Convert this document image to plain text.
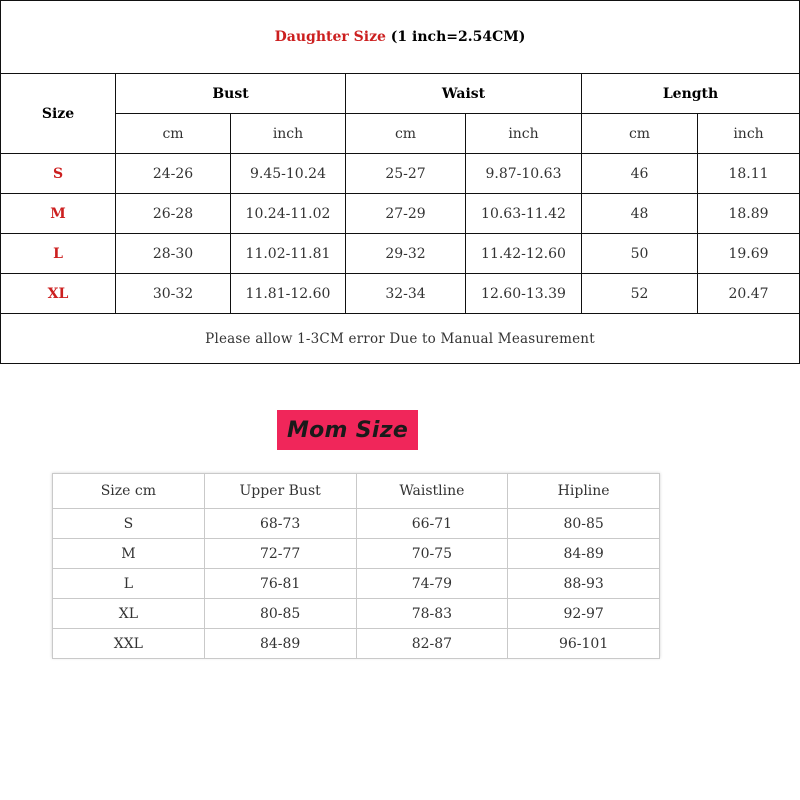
Daughter Size (1 inch=2.54CM)						
Size	Bust		Waist		Length	
	cm	inch	cm	inch	cm	inch
S	24-26	9.45-10.24	25-27	9.87-10.63	46	18.11
M	26-28	10.24-11.02	27-29	10.63-11.42	48	18.89
L	28-30	11.02-11.81	29-32	11.42-12.60	50	19.69
XL	30-32	11.81-12.60	32-34	12.60-13.39	52	20.47
Please allow 1-3CM error Due to Manual Measurement						
Mom Size
Size cm	Upper Bust	Waistline	Hipline
S	68-73	66-71	80-85
M	72-77	70-75	84-89
L	76-81	74-79	88-93
XL	80-85	78-83	92-97
XXL	84-89	82-87	96-101
